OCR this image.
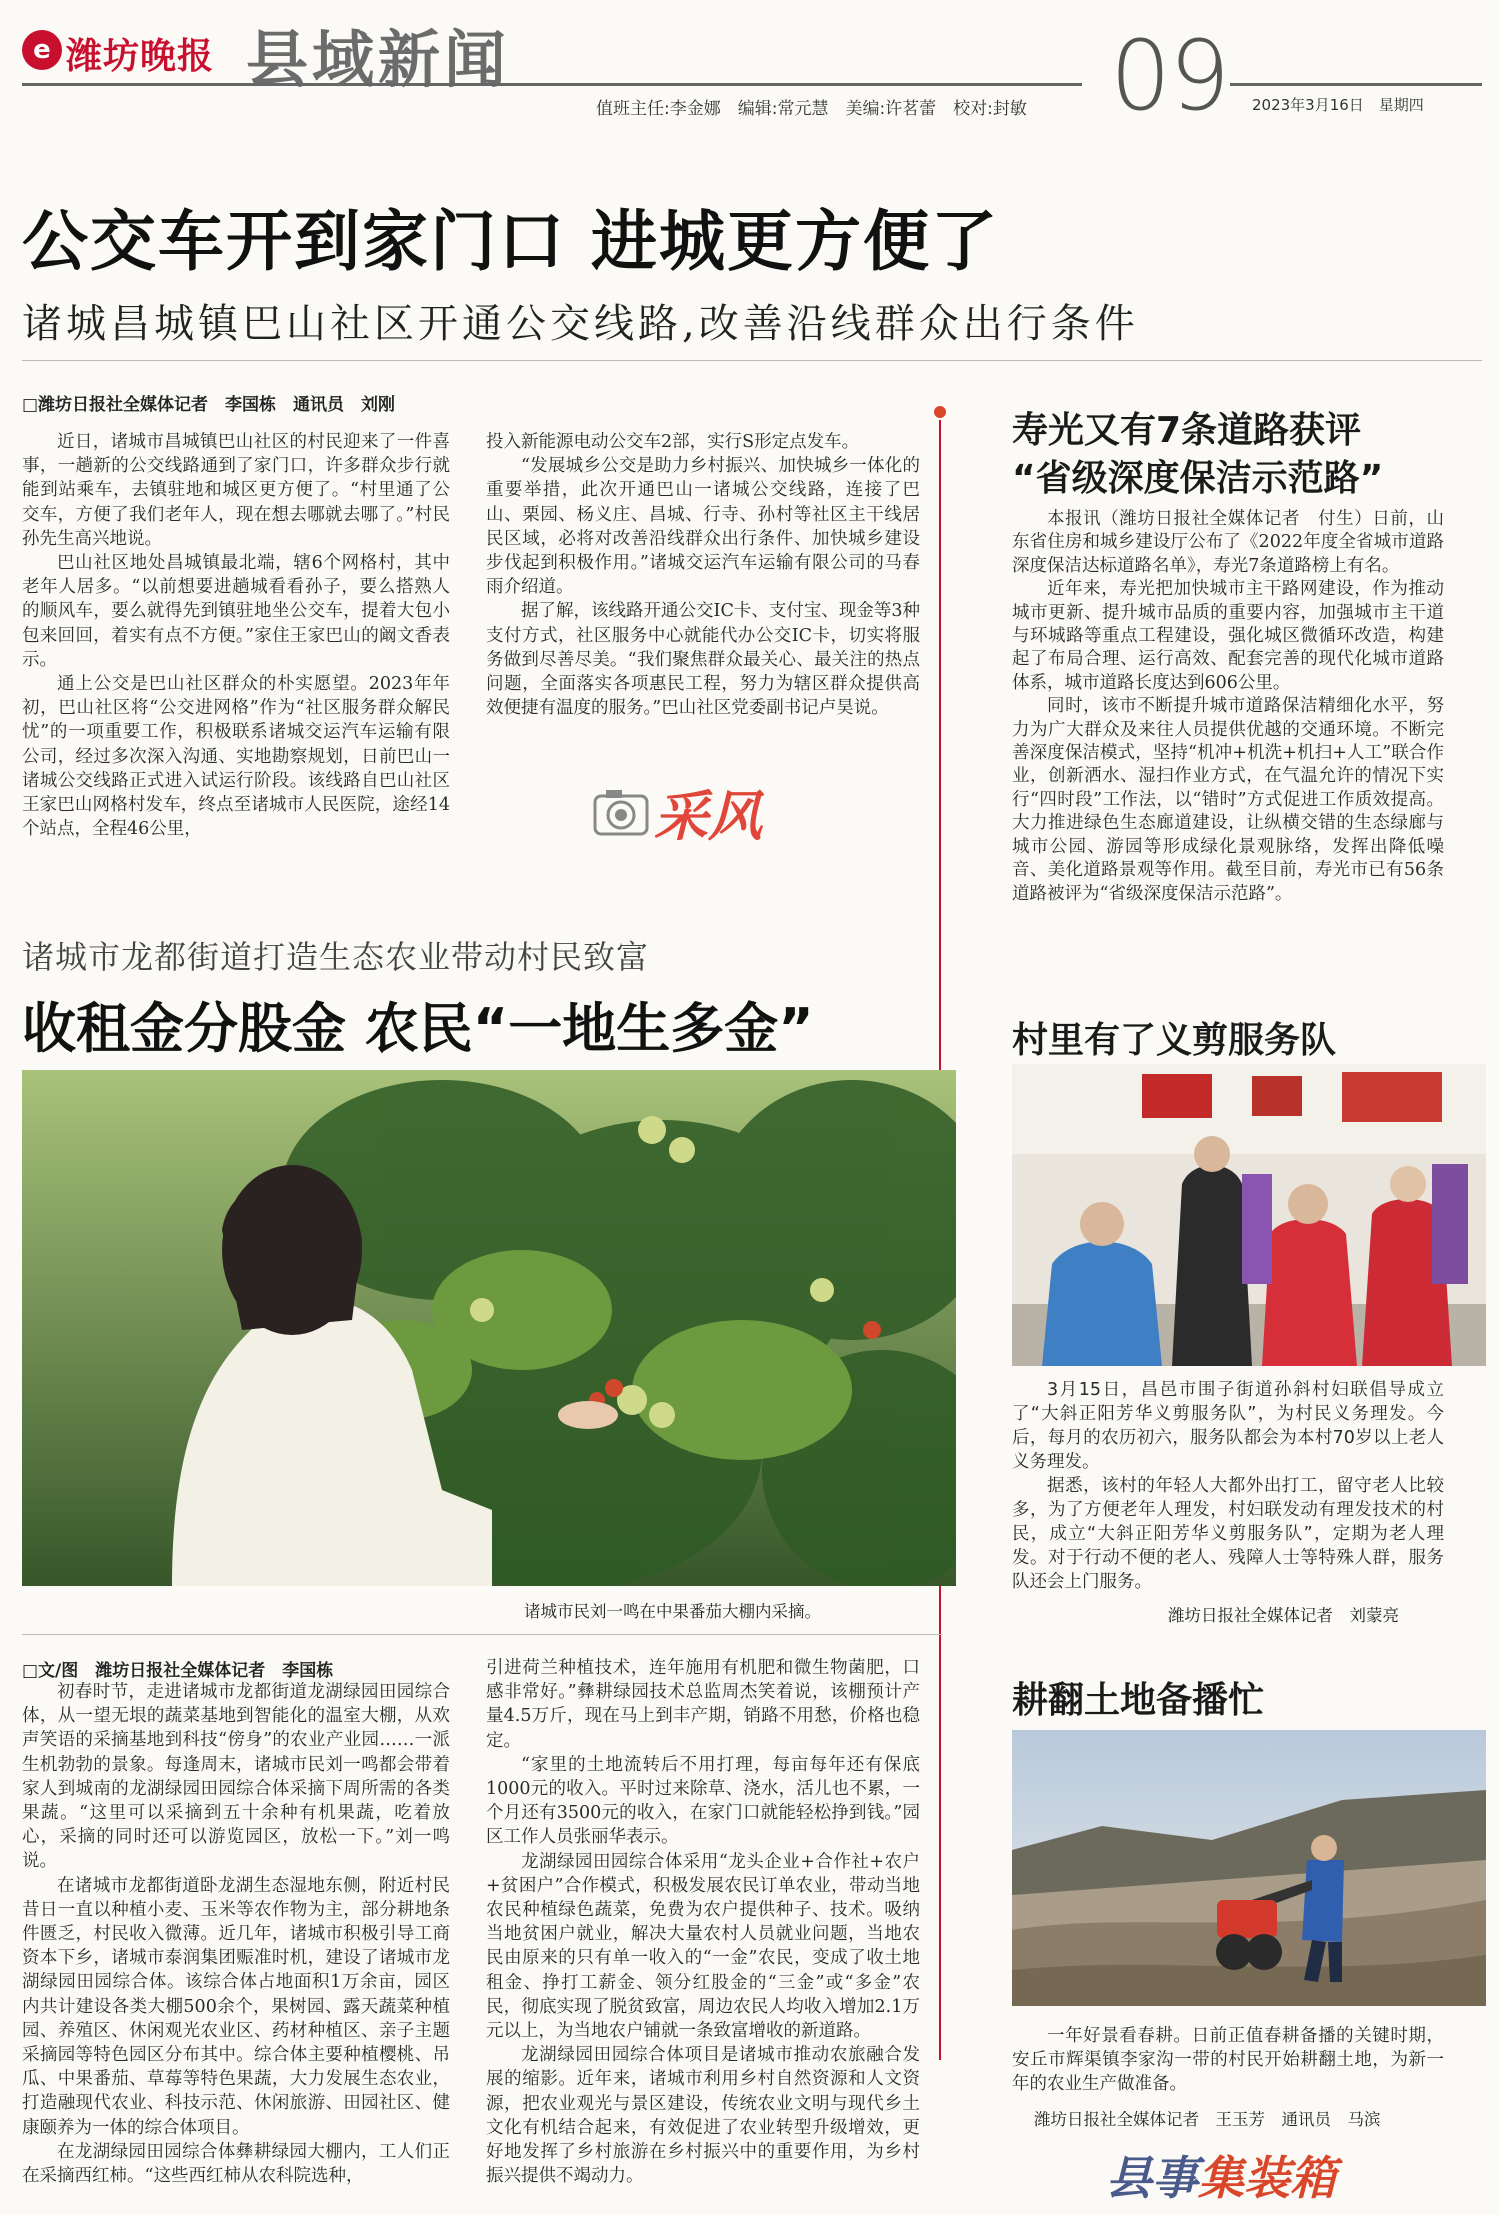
e 潍坊晚报 县域新闻	09
值班主任:李金娜　编辑:常元慧　美编:许茗蕾　校对:封敏	2023年3月16日　星期四
公交车开到家门口 进城更方便了
诸城昌城镇巴山社区开通公交线路,改善沿线群众出行条件
□潍坊日报社全媒体记者　李国栋　通讯员　刘刚

近日，诸城市昌城镇巴山社区的村民迎来了一件喜事，一趟新的公交线路通到了家门口，许多群众步行就能到站乘车，去镇驻地和城区更方便了。“村里通了公交车，方便了我们老年人，现在想去哪就去哪了。”村民孙先生高兴地说。

巴山社区地处昌城镇最北端，辖6个网格村，其中老年人居多。“以前想要进趟城看看孙子，要么搭熟人的顺风车，要么就得先到镇驻地坐公交车，提着大包小包来回回，着实有点不方便。”家住王家巴山的阚文香表示。

通上公交是巴山社区群众的朴实愿望。2023年年初，巴山社区将“公交进网格”作为“社区服务群众解民忧”的一项重要工作，积极联系诸城交运汽车运输有限公司，经过多次深入沟通、实地勘察规划，日前巴山一诸城公交线路正式进入试运行阶段。该线路自巴山社区王家巴山网格村发车，终点至诸城市人民医院，途经14个站点，全程46公里，

投入新能源电动公交车2部，实行S形定点发车。

“发展城乡公交是助力乡村振兴、加快城乡一体化的重要举措，此次开通巴山一诸城公交线路，连接了巴山、栗园、杨义庄、昌城、行寺、孙村等社区主干线居民区域，必将对改善沿线群众出行条件、加快城乡建设步伐起到积极作用。”诸城交运汽车运输有限公司的马春雨介绍道。

据了解，该线路开通公交IC卡、支付宝、现金等3种支付方式，社区服务中心就能代办公交IC卡，切实将服务做到尽善尽美。“我们聚焦群众最关心、最关注的热点问题，全面落实各项惠民工程，努力为辖区群众提供高效便捷有温度的服务。”巴山社区党委副书记卢昊说。

采风
诸城市龙都街道打造生态农业带动村民致富
收租金分股金 农民“一地生多金”
诸城市民刘一鸣在中果番茄大棚内采摘。
□文/图　潍坊日报社全媒体记者　李国栋

初春时节，走进诸城市龙都街道龙湖绿园田园综合体，从一望无垠的蔬菜基地到智能化的温室大棚，从欢声笑语的采摘基地到科技“傍身”的农业产业园……一派生机勃勃的景象。每逢周末，诸城市民刘一鸣都会带着家人到城南的龙湖绿园田园综合体采摘下周所需的各类果蔬。“这里可以采摘到五十余种有机果蔬，吃着放心，采摘的同时还可以游览园区，放松一下。”刘一鸣说。

在诸城市龙都街道卧龙湖生态湿地东侧，附近村民昔日一直以种植小麦、玉米等农作物为主，部分耕地条件匮乏，村民收入微薄。近几年，诸城市积极引导工商资本下乡，诸城市泰润集团赈准时机，建设了诸城市龙湖绿园田园综合体。该综合体占地面积1万余亩，园区内共计建设各类大棚500余个，果树园、露天蔬菜种植园、养殖区、休闲观光农业区、药材种植区、亲子主题采摘园等特色园区分布其中。综合体主要种植樱桃、吊瓜、中果番茄、草莓等特色果蔬，大力发展生态农业，打造融现代农业、科技示范、休闲旅游、田园社区、健康颐养为一体的综合体项目。

在龙湖绿园田园综合体彝耕绿园大棚内，工人们正在采摘西红柿。“这些西红柿从农科院选种，

引进荷兰种植技术，连年施用有机肥和微生物菌肥，口感非常好。”彝耕绿园技术总监周杰笑着说，该棚预计产量4.5万斤，现在马上到丰产期，销路不用愁，价格也稳定。

“家里的土地流转后不用打理，每亩每年还有保底1000元的收入。平时过来除草、浇水，活儿也不累，一个月还有3500元的收入，在家门口就能轻松挣到钱。”园区工作人员张丽华表示。

龙湖绿园田园综合体采用“龙头企业+合作社+农户+贫困户”合作模式，积极发展农民订单农业，带动当地农民种植绿色蔬菜，免费为农户提供种子、技术。吸纳当地贫困户就业，解决大量农村人员就业问题，当地农民由原来的只有单一收入的“一金”农民，变成了收土地租金、挣打工薪金、领分红股金的“三金”或“多金”农民，彻底实现了脱贫致富，周边农民人均收入增加2.1万元以上，为当地农户铺就一条致富增收的新道路。

龙湖绿园田园综合体项目是诸城市推动农旅融合发展的缩影。近年来，诸城市利用乡村自然资源和人文资源，把农业观光与景区建设，传统农业文明与现代乡土文化有机结合起来，有效促进了农业转型升级增效，更好地发挥了乡村旅游在乡村振兴中的重要作用，为乡村振兴提供不竭动力。

寿光又有7条道路获评
“省级深度保洁示范路”

本报讯（潍坊日报社全媒体记者　付生）日前，山东省住房和城乡建设厅公布了《2022年度全省城市道路深度保洁达标道路名单》，寿光7条道路榜上有名。

近年来，寿光把加快城市主干路网建设，作为推动城市更新、提升城市品质的重要内容，加强城市主干道与环城路等重点工程建设，强化城区微循环改造，构建起了布局合理、运行高效、配套完善的现代化城市道路体系，城市道路长度达到606公里。

同时，该市不断提升城市道路保洁精细化水平，努力为广大群众及来往人员提供优越的交通环境。不断完善深度保洁模式，坚持“机冲+机洗+机扫+人工”联合作业，创新洒水、湿扫作业方式，在气温允许的情况下实行“四时段”工作法，以“错时”方式促进工作质效提高。大力推进绿色生态廊道建设，让纵横交错的生态绿廊与城市公园、游园等形成绿化景观脉络，发挥出降低噪音、美化道路景观等作用。截至目前，寿光市已有56条道路被评为“省级深度保洁示范路”。

村里有了义剪服务队

3月15日，昌邑市围子街道孙斜村妇联倡导成立了“大斜正阳芳华义剪服务队”，为村民义务理发。今后，每月的农历初六，服务队都会为本村70岁以上老人义务理发。

据悉，该村的年轻人大都外出打工，留守老人比较多，为了方便老年人理发，村妇联发动有理发技术的村民，成立“大斜正阳芳华义剪服务队”，定期为老人理发。对于行动不便的老人、残障人士等特殊人群，服务队还会上门服务。

潍坊日报社全媒体记者　刘蒙亮
耕翻土地备播忙

一年好景看春耕。日前正值春耕备播的关键时期，安丘市辉渠镇李家沟一带的村民开始耕翻土地，为新一年的农业生产做准备。

潍坊日报社全媒体记者　王玉芳　通讯员　马滨
县事集装箱
